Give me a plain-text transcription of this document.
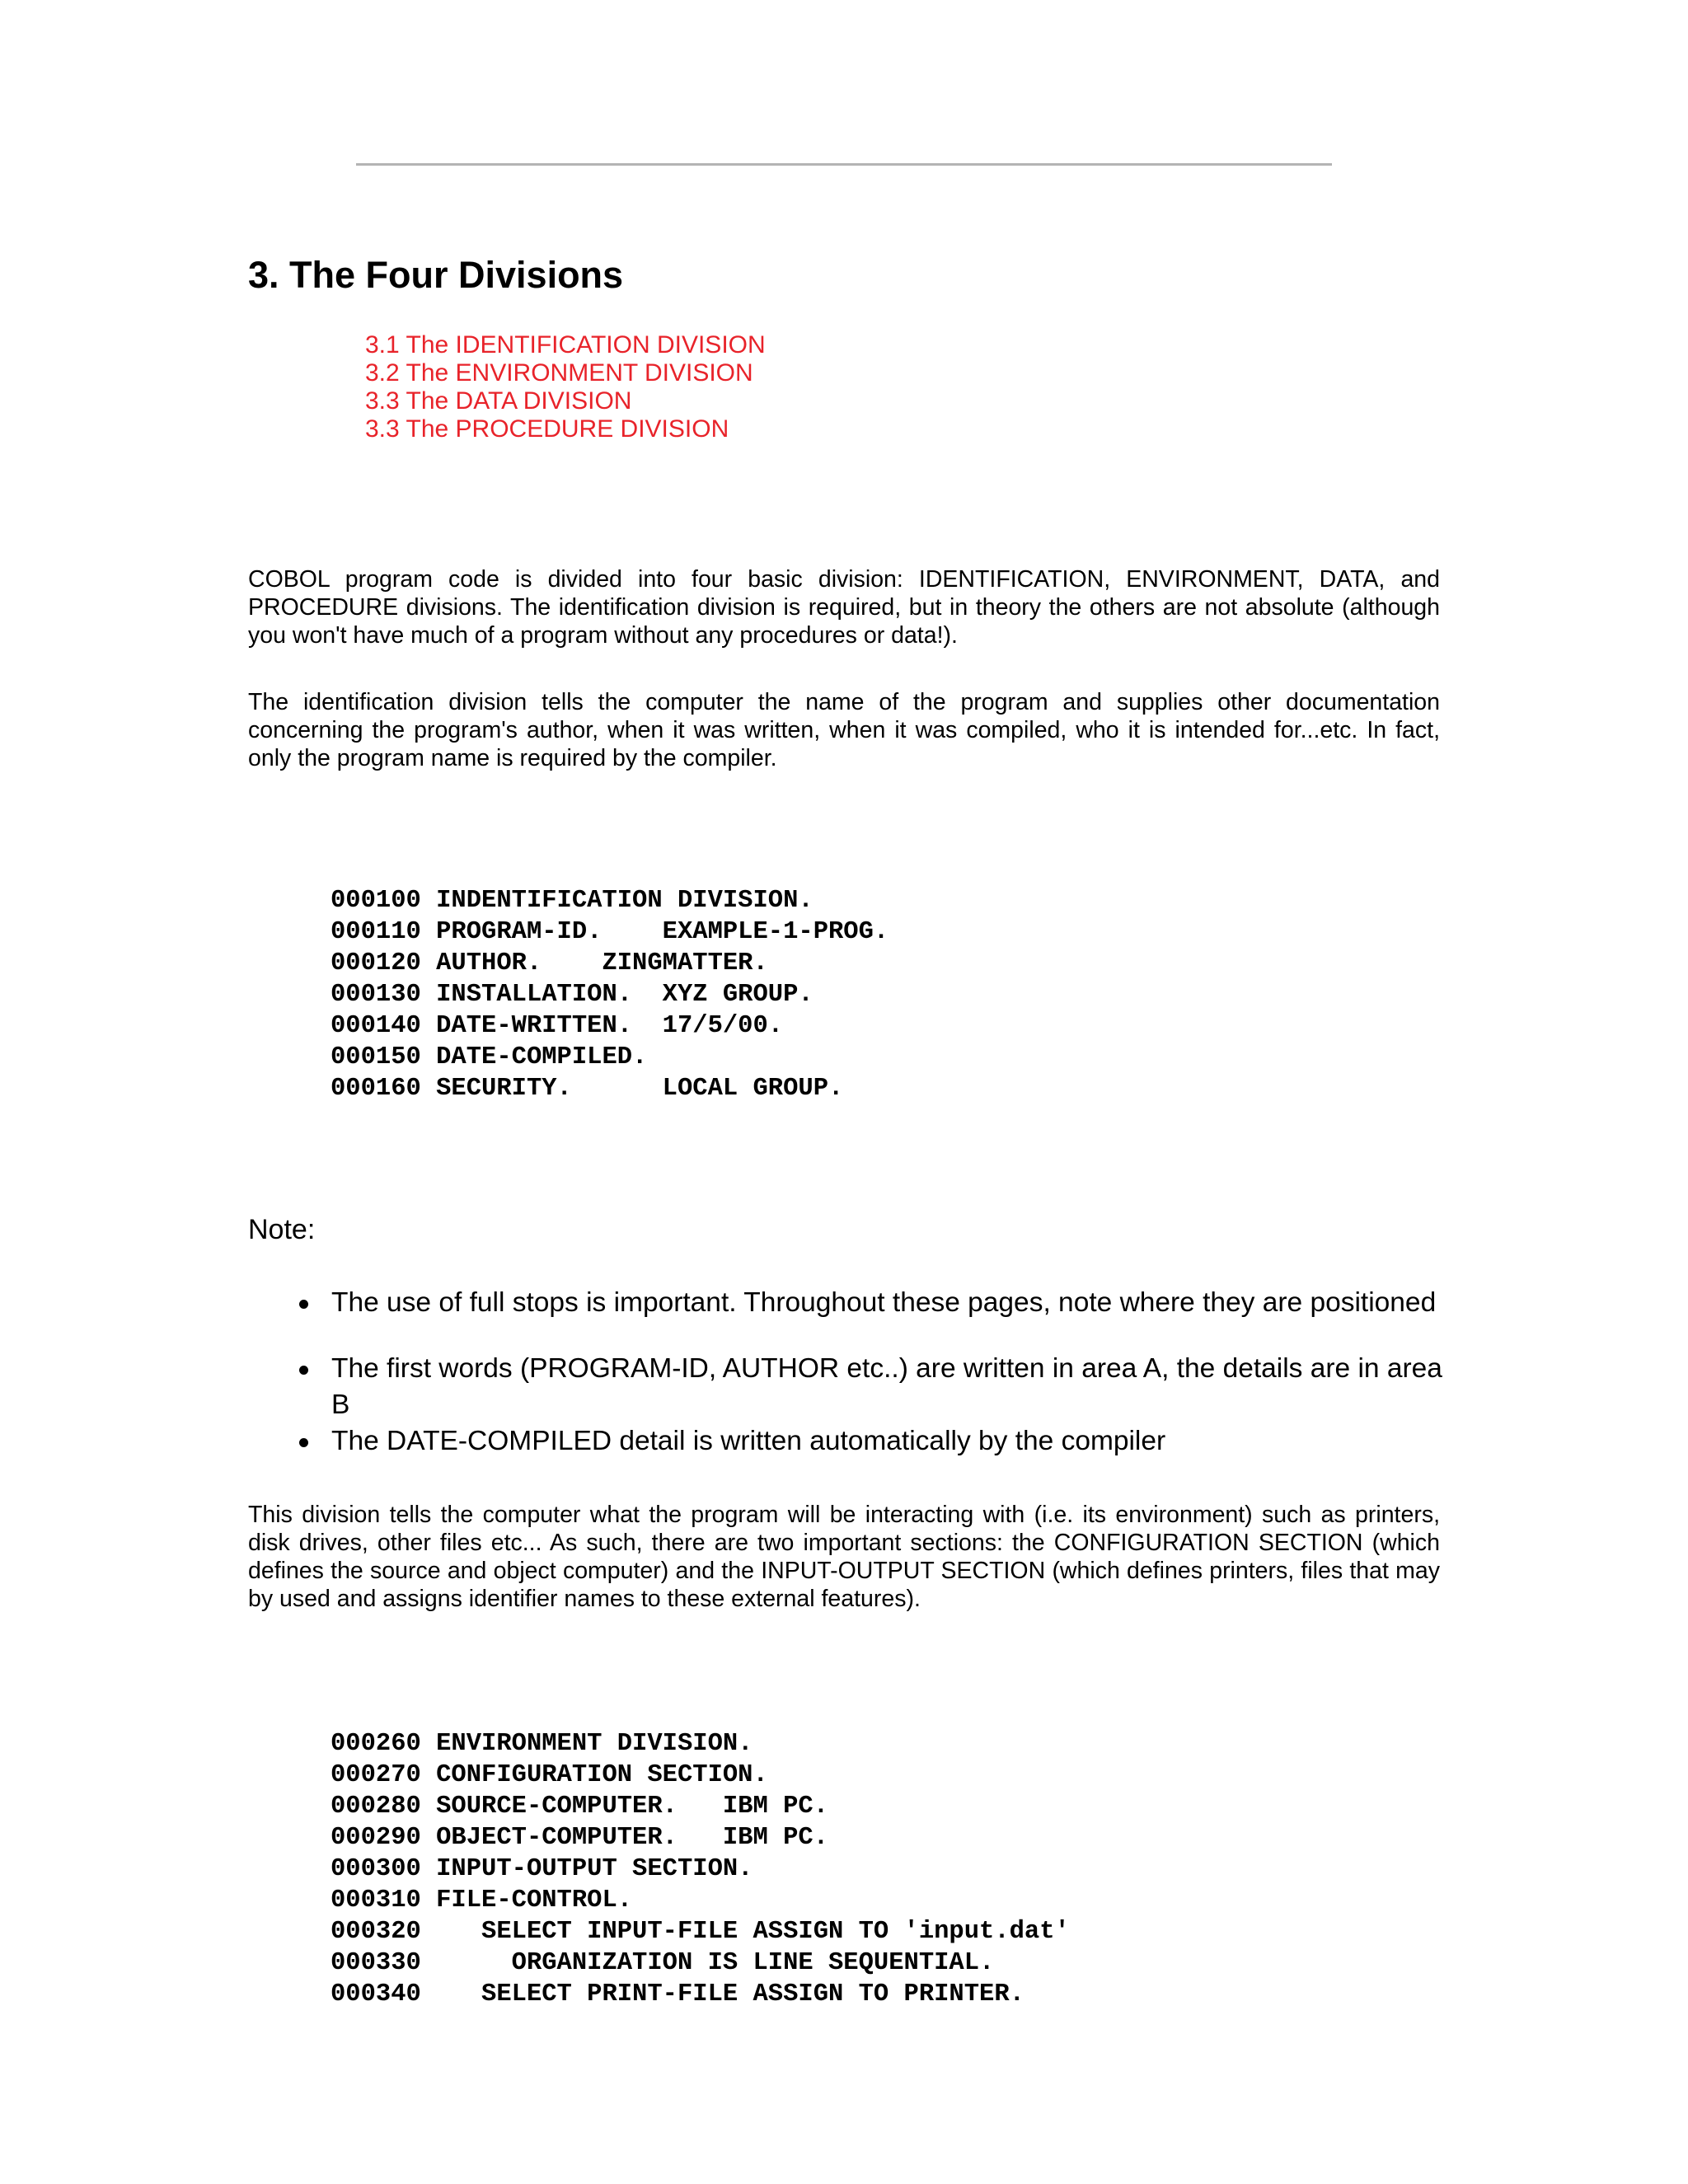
3. The Four Divisions
3.1 The IDENTIFICATION DIVISION
3.2 The ENVIRONMENT DIVISION
3.3 The DATA DIVISION
3.3 The PROCEDURE DIVISION

COBOL program code is divided into four basic division: IDENTIFICATION, ENVIRONMENT, DATA, and PROCEDURE divisions. The identification division is required, but in theory the others are not absolute (although you won't have much of a program without any procedures or data!).

The identification division tells the computer the name of the program and supplies other documentation concerning the program's author, when it was written, when it was compiled, who it is intended for...etc. In fact, only the program name is required by the compiler.

000100 INDENTIFICATION DIVISION.
000110 PROGRAM-ID.    EXAMPLE-1-PROG.
000120 AUTHOR.    ZINGMATTER.
000130 INSTALLATION.  XYZ GROUP.
000140 DATE-WRITTEN.  17/5/00.
000150 DATE-COMPILED.
000160 SECURITY.      LOCAL GROUP.

Note:

The use of full stops is important. Throughout these pages, note where they are positioned
The first words (PROGRAM-ID, AUTHOR etc..) are written in area A, the details are in area B
The DATE-COMPILED detail is written automatically by the compiler

This division tells the computer what the program will be interacting with (i.e. its environment) such as printers, disk drives, other files etc... As such, there are two important sections: the CONFIGURATION SECTION (which defines the source and object computer) and the INPUT-OUTPUT SECTION (which defines printers, files that may by used and assigns identifier names to these external features).

000260 ENVIRONMENT DIVISION.
000270 CONFIGURATION SECTION.
000280 SOURCE-COMPUTER.   IBM PC.
000290 OBJECT-COMPUTER.   IBM PC.
000300 INPUT-OUTPUT SECTION.
000310 FILE-CONTROL.
000320    SELECT INPUT-FILE ASSIGN TO 'input.dat'
000330      ORGANIZATION IS LINE SEQUENTIAL.
000340    SELECT PRINT-FILE ASSIGN TO PRINTER.
